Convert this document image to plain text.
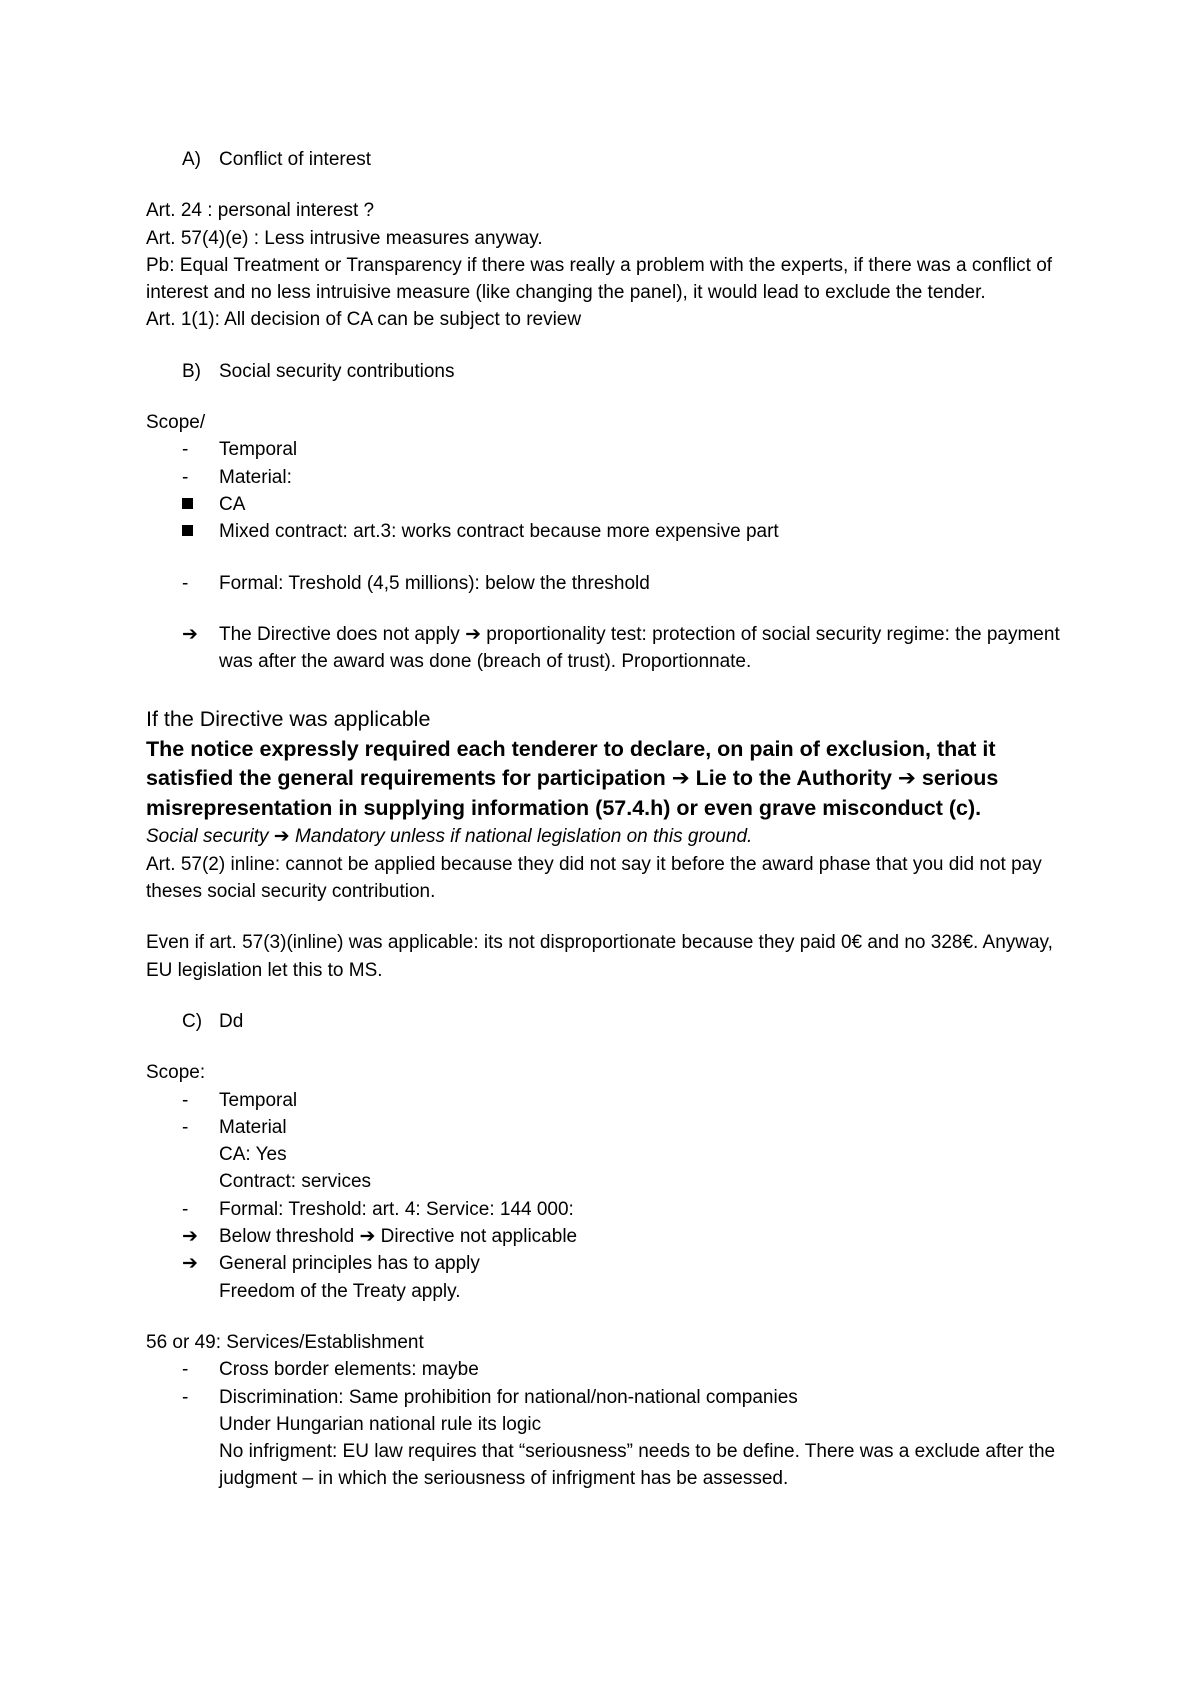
A) Conflict of interest

Art. 24 : personal interest ?

Art. 57(4)(e) : Less intrusive measures anyway.

Pb: Equal Treatment or Transparency if there was really a problem with the experts, if there was a conflict of interest and no less intruisive measure (like changing the panel), it would lead to exclude the tender.

Art. 1(1): All decision of CA can be subject to review

B) Social security contributions

Scope/

-	Temporal
-	Material:
CA
Mixed contract: art.3: works contract because more expensive part
-	Formal: Treshold (4,5 millions): below the threshold
➔	The Directive does not apply ➔ proportionality test: protection of social security regime: the payment was after the award was done (breach of trust). Proportionnate.

If the Directive was applicable

The notice expressly required each tenderer to declare, on pain of exclusion, that it satisfied the general requirements for participation ➔ Lie to the Authority ➔ serious misrepresentation in supplying information (57.4.h) or even grave misconduct (c).

Social security ➔ Mandatory unless if national legislation on this ground.

Art. 57(2) inline: cannot be applied because they did not say it before the award phase that you did not pay theses social security contribution.

Even if art. 57(3)(inline) was applicable: its not disproportionate because they paid 0€ and no 328€. Anyway, EU legislation let this to MS.

C) Dd

Scope:

-	Temporal
-	Material

CA: Yes

Contract: services

-	Formal: Treshold: art. 4: Service: 144 000:
➔	Below threshold ➔ Directive not applicable
➔	General principles has to apply

Freedom of the Treaty apply.

56 or 49: Services/Establishment

-	Cross border elements: maybe
-	Discrimination: Same prohibition for national/non-national companies

Under Hungarian national rule its logic

No infrigment: EU law requires that “seriousness” needs to be define. There was a exclude after the judgment – in which the seriousness of infrigment has be assessed.
